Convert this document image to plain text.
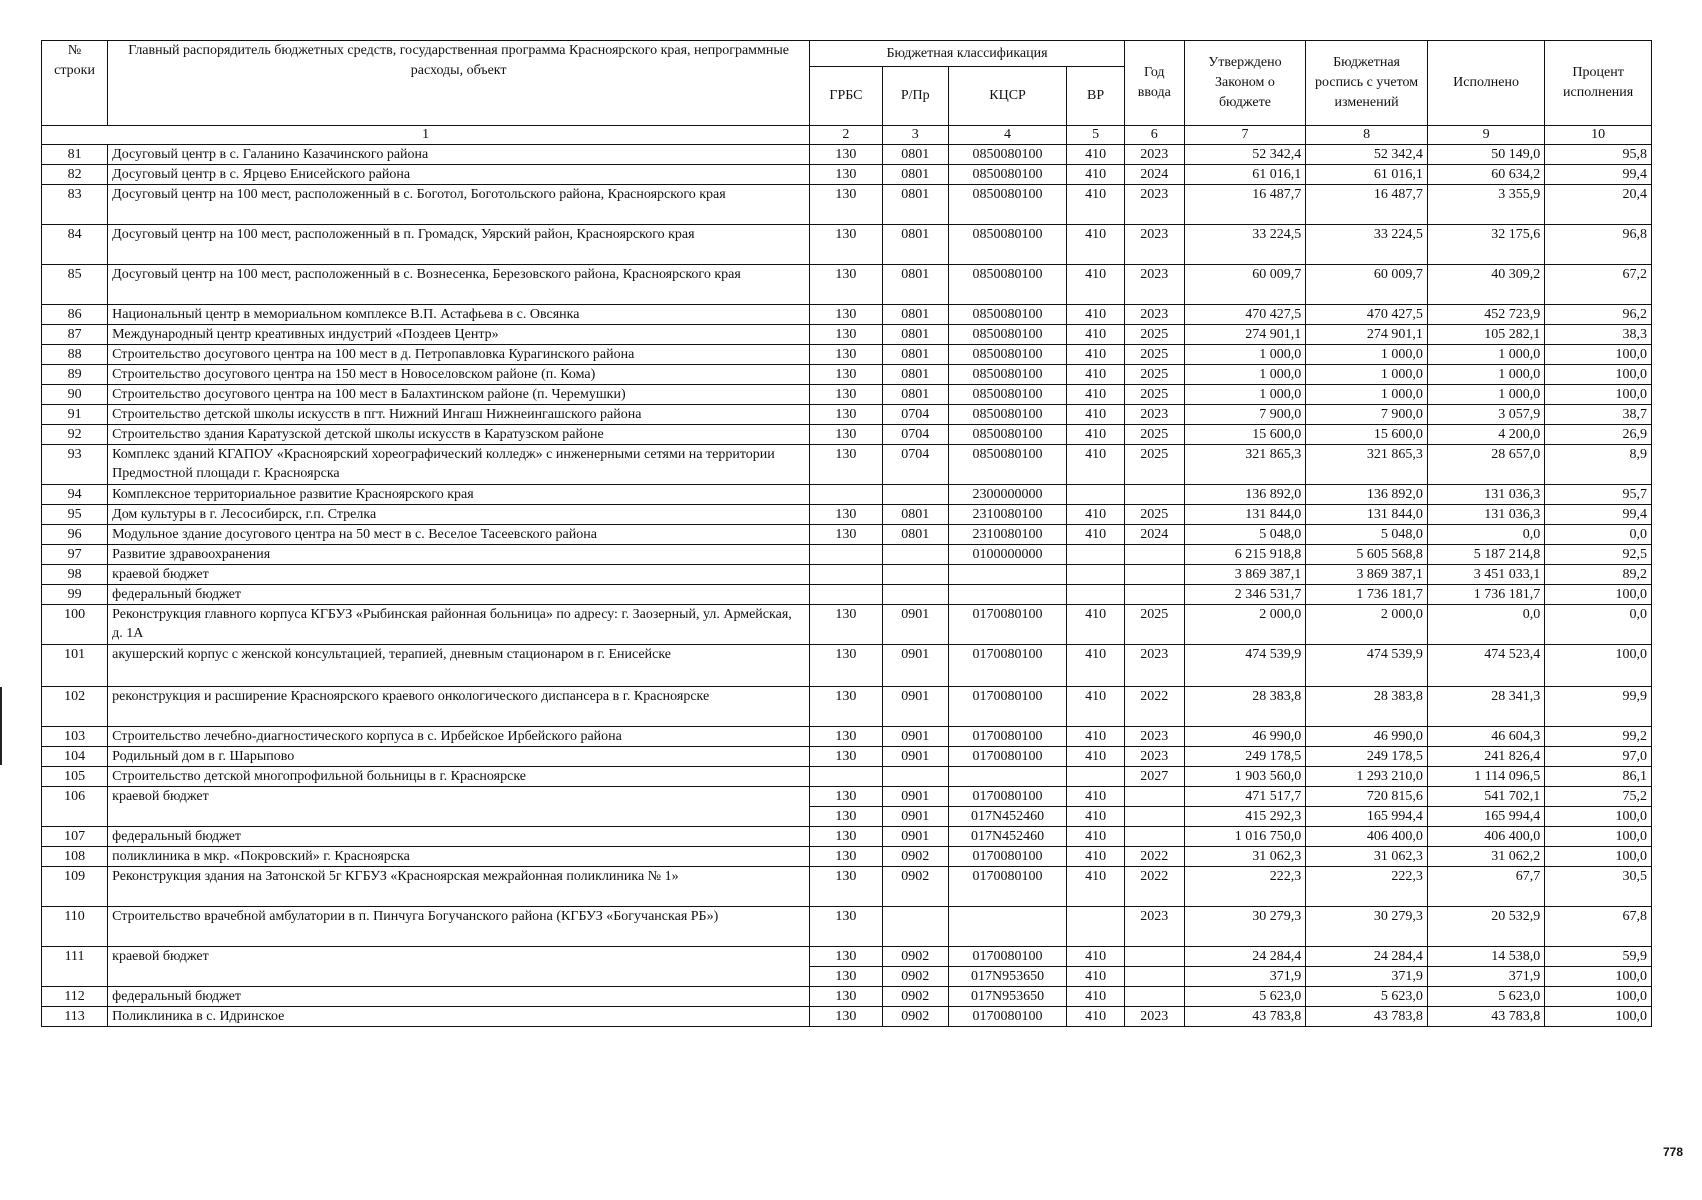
№ строки	Главный распорядитель бюджетных средств, государственная программа Красноярского края, непрограммные расходы, объект	Бюджетная классификация				Год ввода	Утверждено Законом о бюджете	Бюджетная роспись с учетом изменений	Исполнено	Процент исполнения
		ГРБС	Р/Пр	КЦСР	ВР					
1		2	3	4	5	6	7	8	9	10
81	Досуговый центр в с. Галанино Казачинского района	130	0801	0850080100	410	2023	52 342,4	52 342,4	50 149,0	95,8
82	Досуговый центр в с. Ярцево Енисейского района	130	0801	0850080100	410	2024	61 016,1	61 016,1	60 634,2	99,4
83	Досуговый центр на 100 мест, расположенный в с. Боготол, Боготольского района, Красноярского края	130	0801	0850080100	410	2023	16 487,7	16 487,7	3 355,9	20,4
84	Досуговый центр на 100 мест, расположенный в п. Громадск, Уярский район, Красноярского края	130	0801	0850080100	410	2023	33 224,5	33 224,5	32 175,6	96,8
85	Досуговый центр на 100 мест, расположенный в с. Вознесенка, Березовского района, Красноярского края	130	0801	0850080100	410	2023	60 009,7	60 009,7	40 309,2	67,2
86	Национальный центр в мемориальном комплексе В.П. Астафьева в с. Овсянка	130	0801	0850080100	410	2023	470 427,5	470 427,5	452 723,9	96,2
87	Международный центр креативных индустрий «Поздеев Центр»	130	0801	0850080100	410	2025	274 901,1	274 901,1	105 282,1	38,3
88	Строительство досугового центра на 100 мест в д. Петропавловка Курагинского района	130	0801	0850080100	410	2025	1 000,0	1 000,0	1 000,0	100,0
89	Строительство досугового центра на 150 мест в Новоселовском районе (п. Кома)	130	0801	0850080100	410	2025	1 000,0	1 000,0	1 000,0	100,0
90	Строительство досугового центра на 100 мест в Балахтинском районе (п. Черемушки)	130	0801	0850080100	410	2025	1 000,0	1 000,0	1 000,0	100,0
91	Строительство детской школы искусств в пгт. Нижний Ингаш Нижнеингашского района	130	0704	0850080100	410	2023	7 900,0	7 900,0	3 057,9	38,7
92	Строительство здания Каратузской детской школы искусств в Каратузском районе	130	0704	0850080100	410	2025	15 600,0	15 600,0	4 200,0	26,9
93	Комплекс зданий КГАПОУ «Красноярский хореографический колледж» с инженерными сетями на территории Предмостной площади г. Красноярска	130	0704	0850080100	410	2025	321 865,3	321 865,3	28 657,0	8,9
94	Комплексное территориальное развитие Красноярского края			2300000000			136 892,0	136 892,0	131 036,3	95,7
95	Дом культуры в г. Лесосибирск, г.п. Стрелка	130	0801	2310080100	410	2025	131 844,0	131 844,0	131 036,3	99,4
96	Модульное здание досугового центра на 50 мест в с. Веселое Тасеевского района	130	0801	2310080100	410	2024	5 048,0	5 048,0	0,0	0,0
97	Развитие здравоохранения			0100000000			6 215 918,8	5 605 568,8	5 187 214,8	92,5
98	краевой бюджет						3 869 387,1	3 869 387,1	3 451 033,1	89,2
99	федеральный бюджет						2 346 531,7	1 736 181,7	1 736 181,7	100,0
100	Реконструкция главного корпуса КГБУЗ «Рыбинская районная больница» по адресу: г. Заозерный, ул. Армейская, д. 1А	130	0901	0170080100	410	2025	2 000,0	2 000,0	0,0	0,0
101	акушерский корпус с женской консультацией, терапией, дневным стационаром в г. Енисейске	130	0901	0170080100	410	2023	474 539,9	474 539,9	474 523,4	100,0
102	реконструкция и расширение Красноярского краевого онкологического диспансера в г. Красноярске	130	0901	0170080100	410	2022	28 383,8	28 383,8	28 341,3	99,9
103	Строительство лечебно-диагностического корпуса в с. Ирбейское Ирбейского района	130	0901	0170080100	410	2023	46 990,0	46 990,0	46 604,3	99,2
104	Родильный дом в г. Шарыпово	130	0901	0170080100	410	2023	249 178,5	249 178,5	241 826,4	97,0
105	Строительство детской многопрофильной больницы в г. Красноярске					2027	1 903 560,0	1 293 210,0	1 114 096,5	86,1
106	краевой бюджет	130	0901	0170080100	410		471 517,7	720 815,6	541 702,1	75,2
		130	0901	017N452460	410		415 292,3	165 994,4	165 994,4	100,0
107	федеральный бюджет	130	0901	017N452460	410		1 016 750,0	406 400,0	406 400,0	100,0
108	поликлиника в мкр. «Покровский» г. Красноярска	130	0902	0170080100	410	2022	31 062,3	31 062,3	31 062,2	100,0
109	Реконструкция здания на Затонской 5г КГБУЗ «Красноярская межрайонная поликлиника № 1»	130	0902	0170080100	410	2022	222,3	222,3	67,7	30,5
110	Строительство врачебной амбулатории в п. Пинчуга Богучанского района (КГБУЗ «Богучанская РБ»)	130				2023	30 279,3	30 279,3	20 532,9	67,8
111	краевой бюджет	130	0902	0170080100	410		24 284,4	24 284,4	14 538,0	59,9
		130	0902	017N953650	410		371,9	371,9	371,9	100,0
112	федеральный бюджет	130	0902	017N953650	410		5 623,0	5 623,0	5 623,0	100,0
113	Поликлиника в с. Идринское	130	0902	0170080100	410	2023	43 783,8	43 783,8	43 783,8	100,0
778
